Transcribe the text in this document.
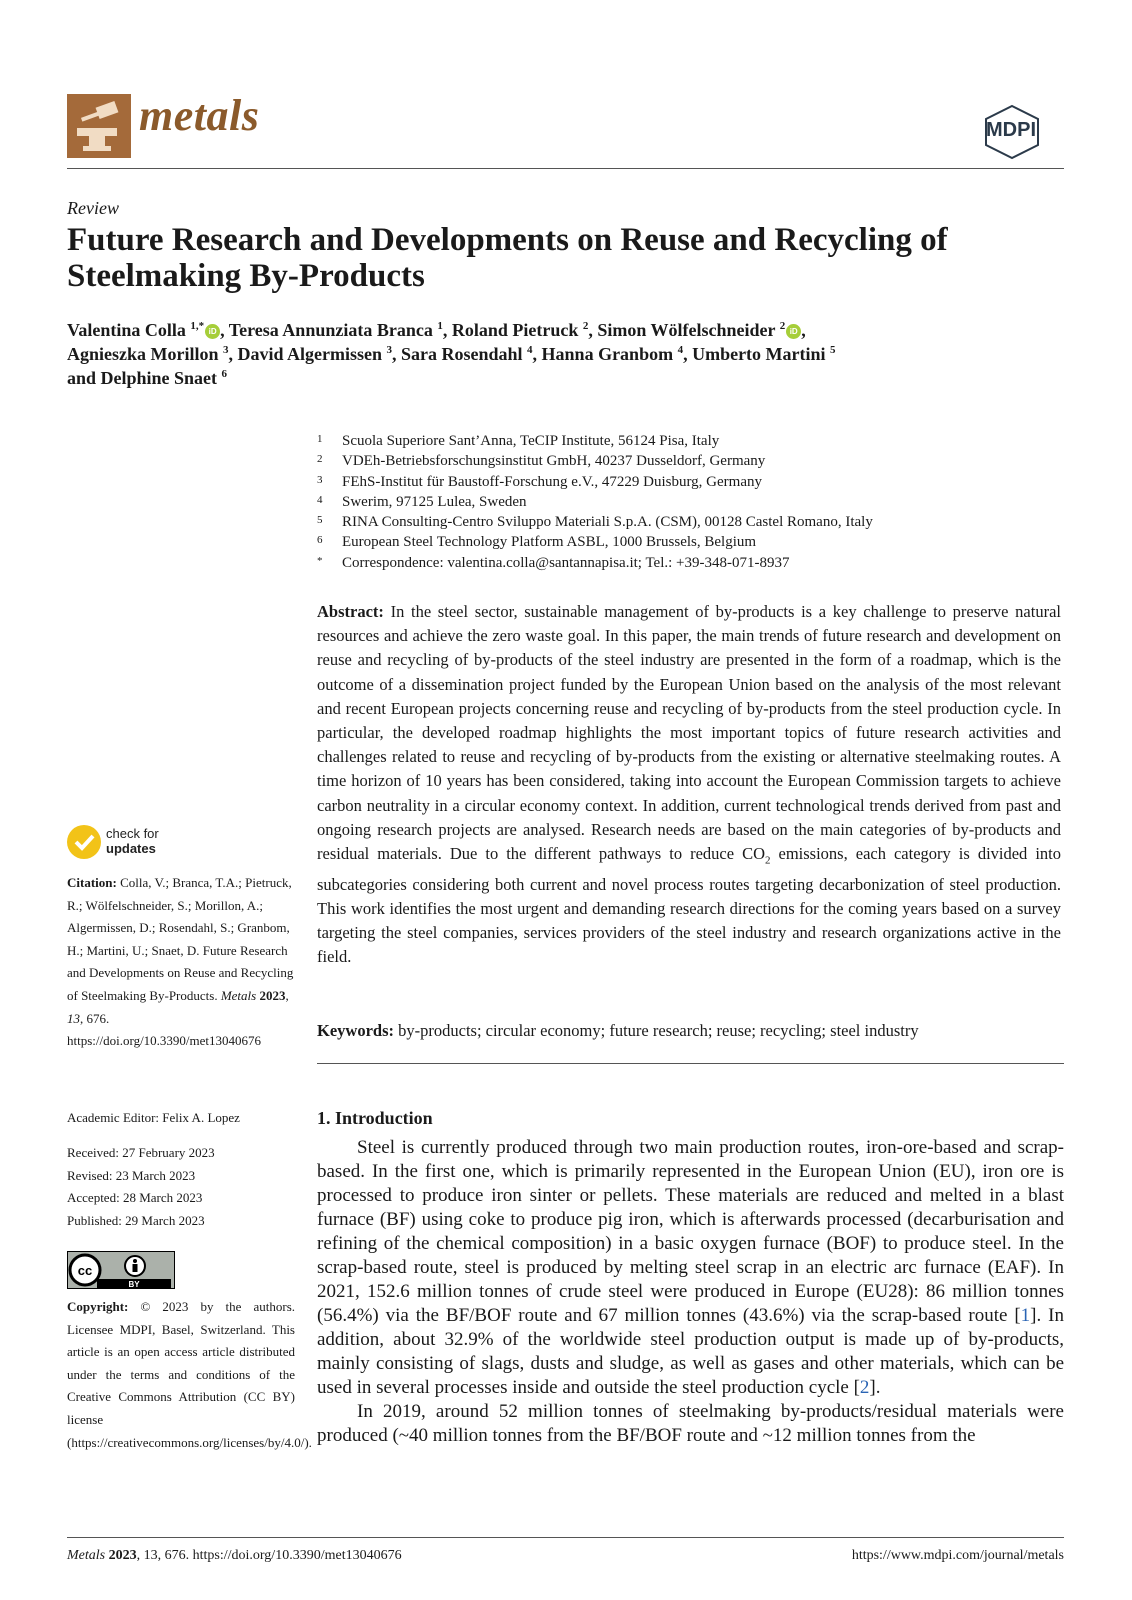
metals	MDPI
Review
Future Research and Developments on Reuse and Recycling of Steelmaking By-Products
Valentina Colla $^{1,*}$ iD , Teresa Annunziata Branca $^1$, Roland Pietruck $^2$, Simon Wölfelschneider $^2$ iD ,
Agnieszka Morillon $^3$, David Algermissen $^3$, Sara Rosendahl $^4$, Hanna Granbom $^4$, Umberto Martini $^5$
and Delphine Snaet $^6$
1	Scuola Superiore Sant’Anna, TeCIP Institute, 56124 Pisa, Italy
2	VDEh-Betriebsforschungsinstitut GmbH, 40237 Dusseldorf, Germany
3	FEhS-Institut für Baustoff-Forschung e.V., 47229 Duisburg, Germany
4	Swerim, 97125 Lulea, Sweden
5	RINA Consulting-Centro Sviluppo Materiali S.p.A. (CSM), 00128 Castel Romano, Italy
6	European Steel Technology Platform ASBL, 1000 Brussels, Belgium
*	Correspondence: valentina.colla@santannapisa.it; Tel.: +39-348-071-8937
Abstract: In the steel sector, sustainable management of by-products is a key challenge to preserve natural resources and achieve the zero waste goal. In this paper, the main trends of future research and development on reuse and recycling of by-products of the steel industry are presented in the form of a roadmap, which is the outcome of a dissemination project funded by the European Union based on the analysis of the most relevant and recent European projects concerning reuse and recycling of by-products from the steel production cycle. In particular, the developed roadmap highlights the most important topics of future research activities and challenges related to reuse and recycling of by-products from the existing or alternative steelmaking routes. A time horizon of 10 years has been considered, taking into account the European Commission targets to achieve carbon neutrality in a circular economy context. In addition, current technological trends derived from past and ongoing research projects are analysed. Research needs are based on the main categories of by-products and residual materials. Due to the different pathways to reduce $CO_2$ emissions, each category is divided into subcategories considering both current and novel process routes targeting decarbonization of steel production. This work identifies the most urgent and demanding research directions for the coming years based on a survey targeting the steel companies, services providers of the steel industry and research organizations active in the field.
Keywords: by-products; circular economy; future research; reuse; recycling; steel industry
1. Introduction

Steel is currently produced through two main production routes, iron-ore-based and scrap-based. In the first one, which is primarily represented in the European Union (EU), iron ore is processed to produce iron sinter or pellets. These materials are reduced and melted in a blast furnace (BF) using coke to produce pig iron, which is afterwards processed (decarburisation and refining of the chemical composition) in a basic oxygen furnace (BOF) to produce steel. In the scrap-based route, steel is produced by melting steel scrap in an electric arc furnace (EAF). In 2021, 152.6 million tonnes of crude steel were produced in Europe (EU28): 86 million tonnes (56.4%) via the BF/BOF route and 67 million tonnes (43.6%) via the scrap-based route [1]. In addition, about 32.9% of the worldwide steel production output is made up of by-products, mainly consisting of slags, dusts and sludge, as well as gases and other materials, which can be used in several processes inside and outside the steel production cycle [2].

In 2019, around 52 million tonnes of steelmaking by-products/residual materials were produced (~40 million tonnes from the BF/BOF route and ~12 million tonnes from the

check for
updates
Citation: Colla, V.; Branca, T.A.; Pietruck, R.; Wölfelschneider, S.; Morillon, A.; Algermissen, D.; Rosendahl, S.; Granbom, H.; Martini, U.; Snaet, D. Future Research and Developments on Reuse and Recycling of Steelmaking By-Products. Metals 2023, 13, 676. https://doi.org/10.3390/met13040676
Academic Editor: Felix A. Lopez
Received: 27 February 2023
Revised: 23 March 2023
Accepted: 28 March 2023
Published: 29 March 2023
cc
BY
Copyright: © 2023 by the authors. Licensee MDPI, Basel, Switzerland. This article is an open access article distributed under the terms and conditions of the Creative Commons Attribution (CC BY) license (https://creativecommons.org/licenses/by/4.0/).
Metals 2023, 13, 676. https://doi.org/10.3390/met13040676	https://www.mdpi.com/journal/metals
